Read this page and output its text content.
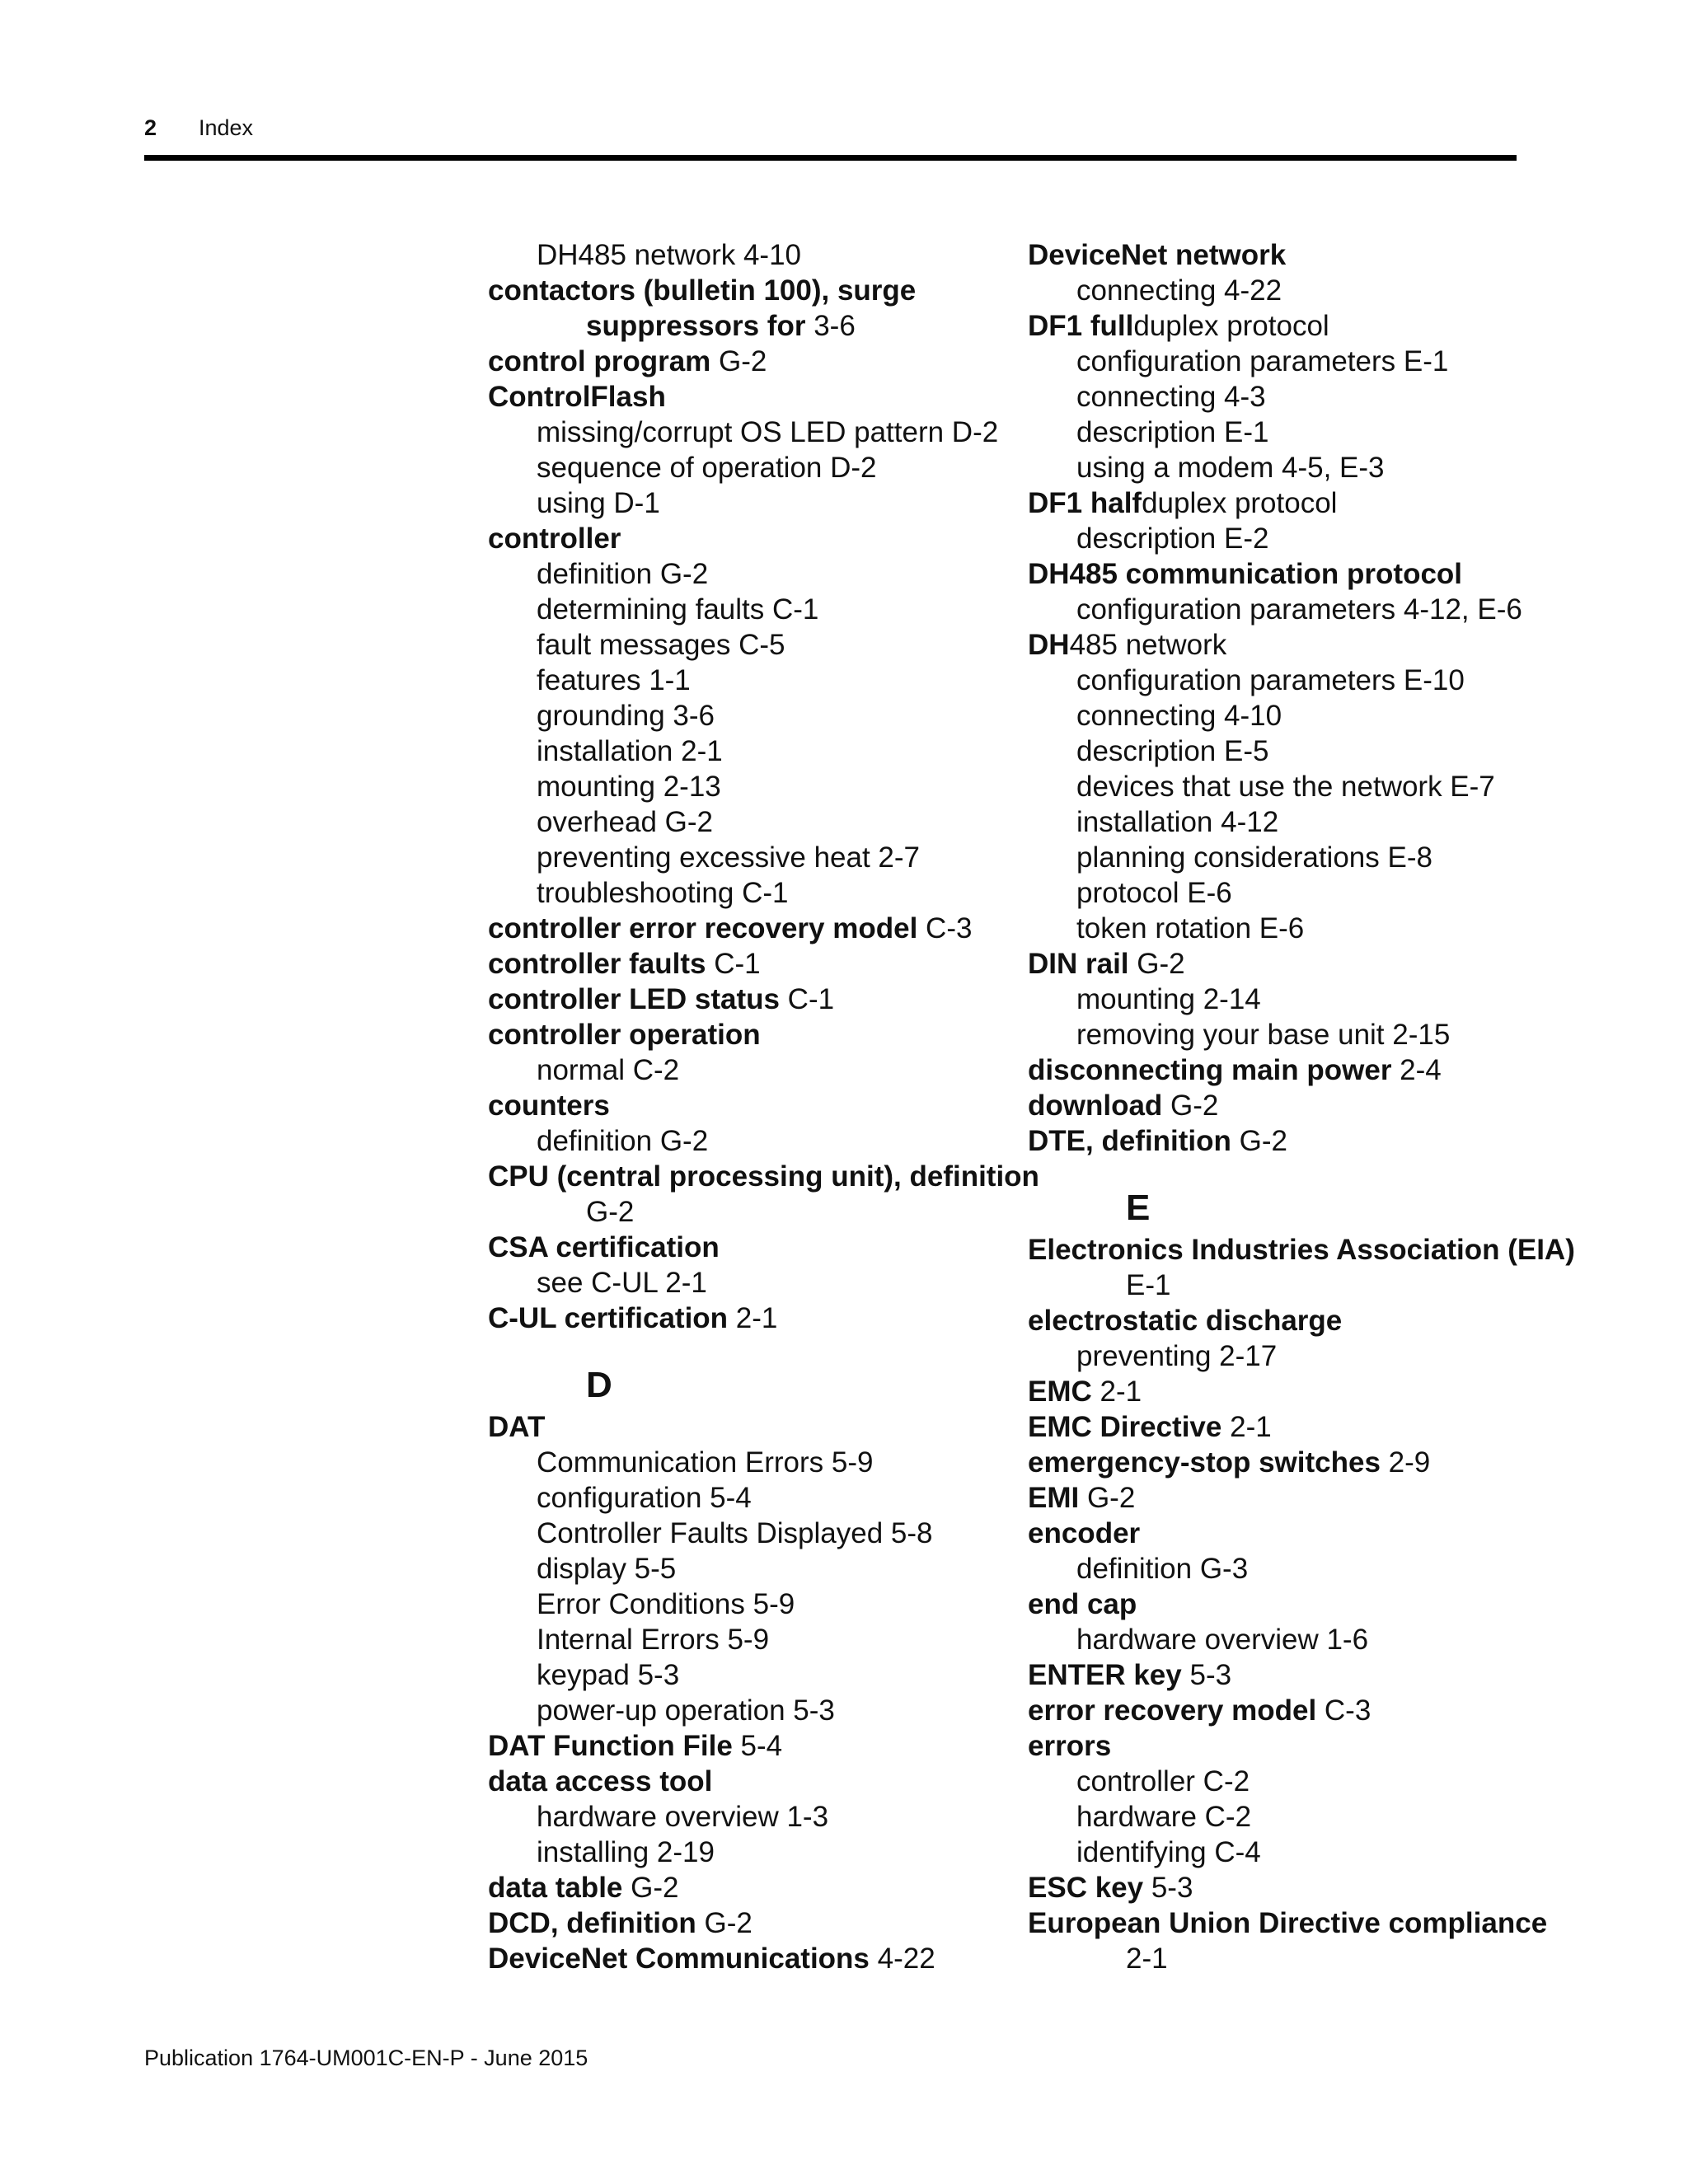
2 Index
DH485 network 4-10
contactors (bulletin 100), surge
suppressors for 3-6
control program G-2
ControlFlash
missing/corrupt OS LED pattern D-2
sequence of operation D-2
using D-1
controller
definition G-2
determining faults C-1
fault messages C-5
features 1-1
grounding 3-6
installation 2-1
mounting 2-13
overhead G-2
preventing excessive heat 2-7
troubleshooting C-1
controller error recovery model C-3
controller faults C-1
controller LED status C-1
controller operation
normal C-2
counters
definition G-2
CPU (central processing unit), definition
G-2
CSA certification
see C-UL 2-1
C-UL certification 2-1
D
DAT
Communication Errors 5-9
configuration 5-4
Controller Faults Displayed 5-8
display 5-5
Error Conditions 5-9
Internal Errors 5-9
keypad 5-3
power-up operation 5-3
DAT Function File 5-4
data access tool
hardware overview 1-3
installing 2-19
data table G-2
DCD, definition G-2
DeviceNet Communications 4-22
DeviceNet network
connecting 4-22
DF1 fullduplex protocol
configuration parameters E-1
connecting 4-3
description E-1
using a modem 4-5, E-3
DF1 halfduplex protocol
description E-2
DH485 communication protocol
configuration parameters 4-12, E-6
DH485 network
configuration parameters E-10
connecting 4-10
description E-5
devices that use the network E-7
installation 4-12
planning considerations E-8
protocol E-6
token rotation E-6
DIN rail G-2
mounting 2-14
removing your base unit 2-15
disconnecting main power 2-4
download G-2
DTE, definition G-2
E
Electronics Industries Association (EIA)
E-1
electrostatic discharge
preventing 2-17
EMC 2-1
EMC Directive 2-1
emergency-stop switches 2-9
EMI G-2
encoder
definition G-3
end cap
hardware overview 1-6
ENTER key 5-3
error recovery model C-3
errors
controller C-2
hardware C-2
identifying C-4
ESC key 5-3
European Union Directive compliance
2-1
Publication 1764-UM001C-EN-P - June 2015
